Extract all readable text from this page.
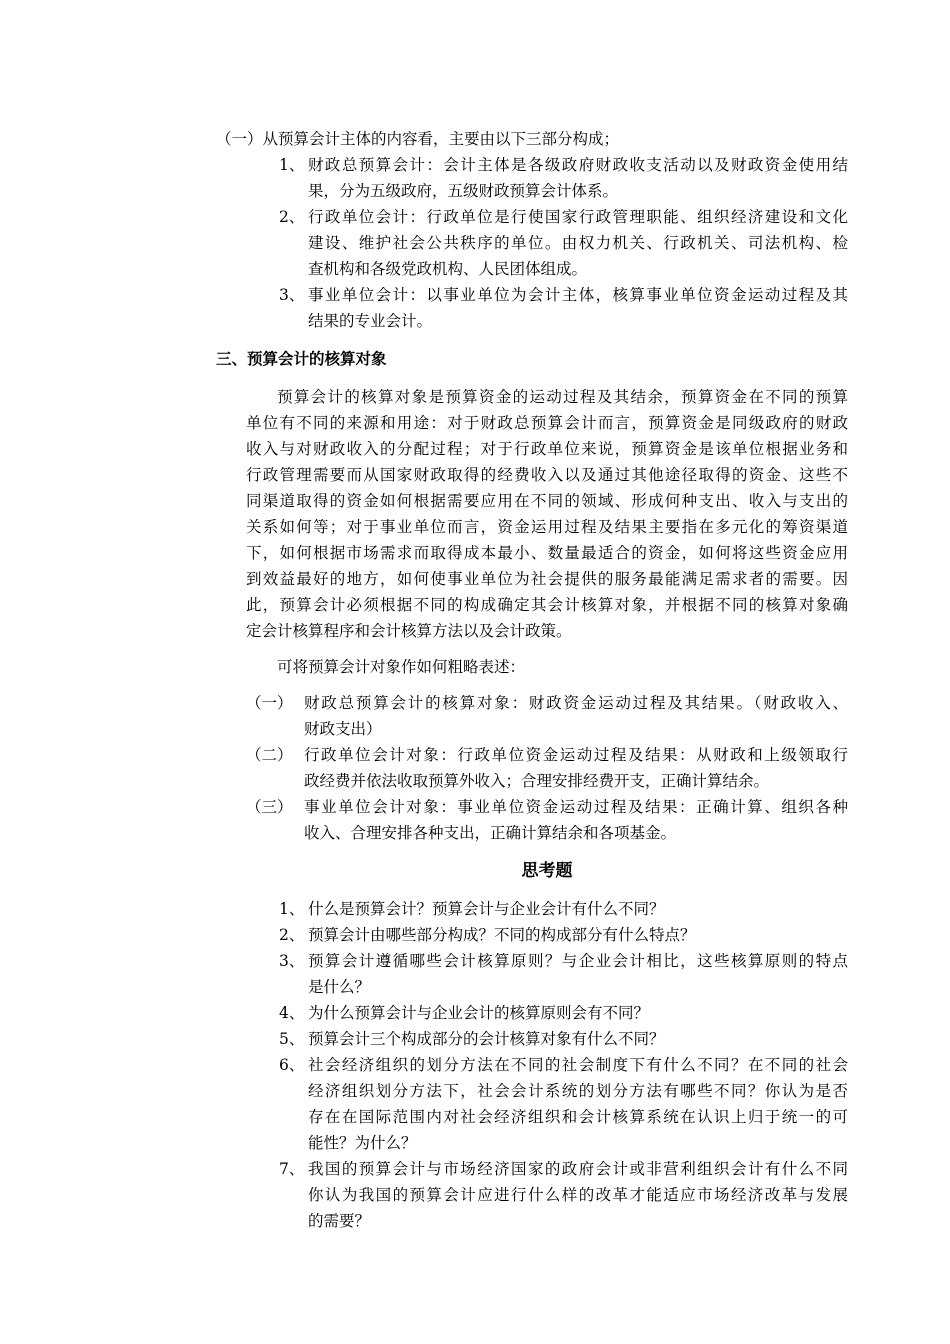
（一）从预算会计主体的内容看，主要由以下三部分构成；
1、 财政总预算会计：会计主体是各级政府财政收支活动以及财政资金使用结
果，分为五级政府，五级财政预算会计体系。
2、 行政单位会计：行政单位是行使国家行政管理职能、组织经济建设和文化
建设、维护社会公共秩序的单位。由权力机关、行政机关、司法机构、检
查机构和各级党政机构、人民团体组成。
3、 事业单位会计：以事业单位为会计主体，核算事业单位资金运动过程及其
结果的专业会计。
三、预算会计的核算对象
预算会计的核算对象是预算资金的运动过程及其结余，预算资金在不同的预算
单位有不同的来源和用途：对于财政总预算会计而言，预算资金是同级政府的财政
收入与对财政收入的分配过程；对于行政单位来说，预算资金是该单位根据业务和
行政管理需要而从国家财政取得的经费收入以及通过其他途径取得的资金、这些不
同渠道取得的资金如何根据需要应用在不同的领域、形成何种支出、收入与支出的
关系如何等；对于事业单位而言，资金运用过程及结果主要指在多元化的筹资渠道
下，如何根据市场需求而取得成本最小、数量最适合的资金，如何将这些资金应用
到效益最好的地方，如何使事业单位为社会提供的服务最能满足需求者的需要。因
此，预算会计必须根据不同的构成确定其会计核算对象，并根据不同的核算对象确
定会计核算程序和会计核算方法以及会计政策。
可将预算会计对象作如何粗略表述：
（一） 财政总预算会计的核算对象：财政资金运动过程及其结果。（财政收入、
财政支出）
（二） 行政单位会计对象：行政单位资金运动过程及结果：从财政和上级领取行
政经费并依法收取预算外收入；合理安排经费开支，正确计算结余。
（三） 事业单位会计对象：事业单位资金运动过程及结果：正确计算、组织各种
收入、合理安排各种支出，正确计算结余和各项基金。
思考题
1、 什么是预算会计？预算会计与企业会计有什么不同？
2、 预算会计由哪些部分构成？不同的构成部分有什么特点？
3、 预算会计遵循哪些会计核算原则？与企业会计相比，这些核算原则的特点
是什么？
4、 为什么预算会计与企业会计的核算原则会有不同？
5、 预算会计三个构成部分的会计核算对象有什么不同？
6、 社会经济组织的划分方法在不同的社会制度下有什么不同？在不同的社会
经济组织划分方法下，社会会计系统的划分方法有哪些不同？你认为是否
存在在国际范围内对社会经济组织和会计核算系统在认识上归于统一的可
能性？为什么？
7、 我国的预算会计与市场经济国家的政府会计或非营利组织会计有什么不同
你认为我国的预算会计应进行什么样的改革才能适应市场经济改革与发展
的需要？
